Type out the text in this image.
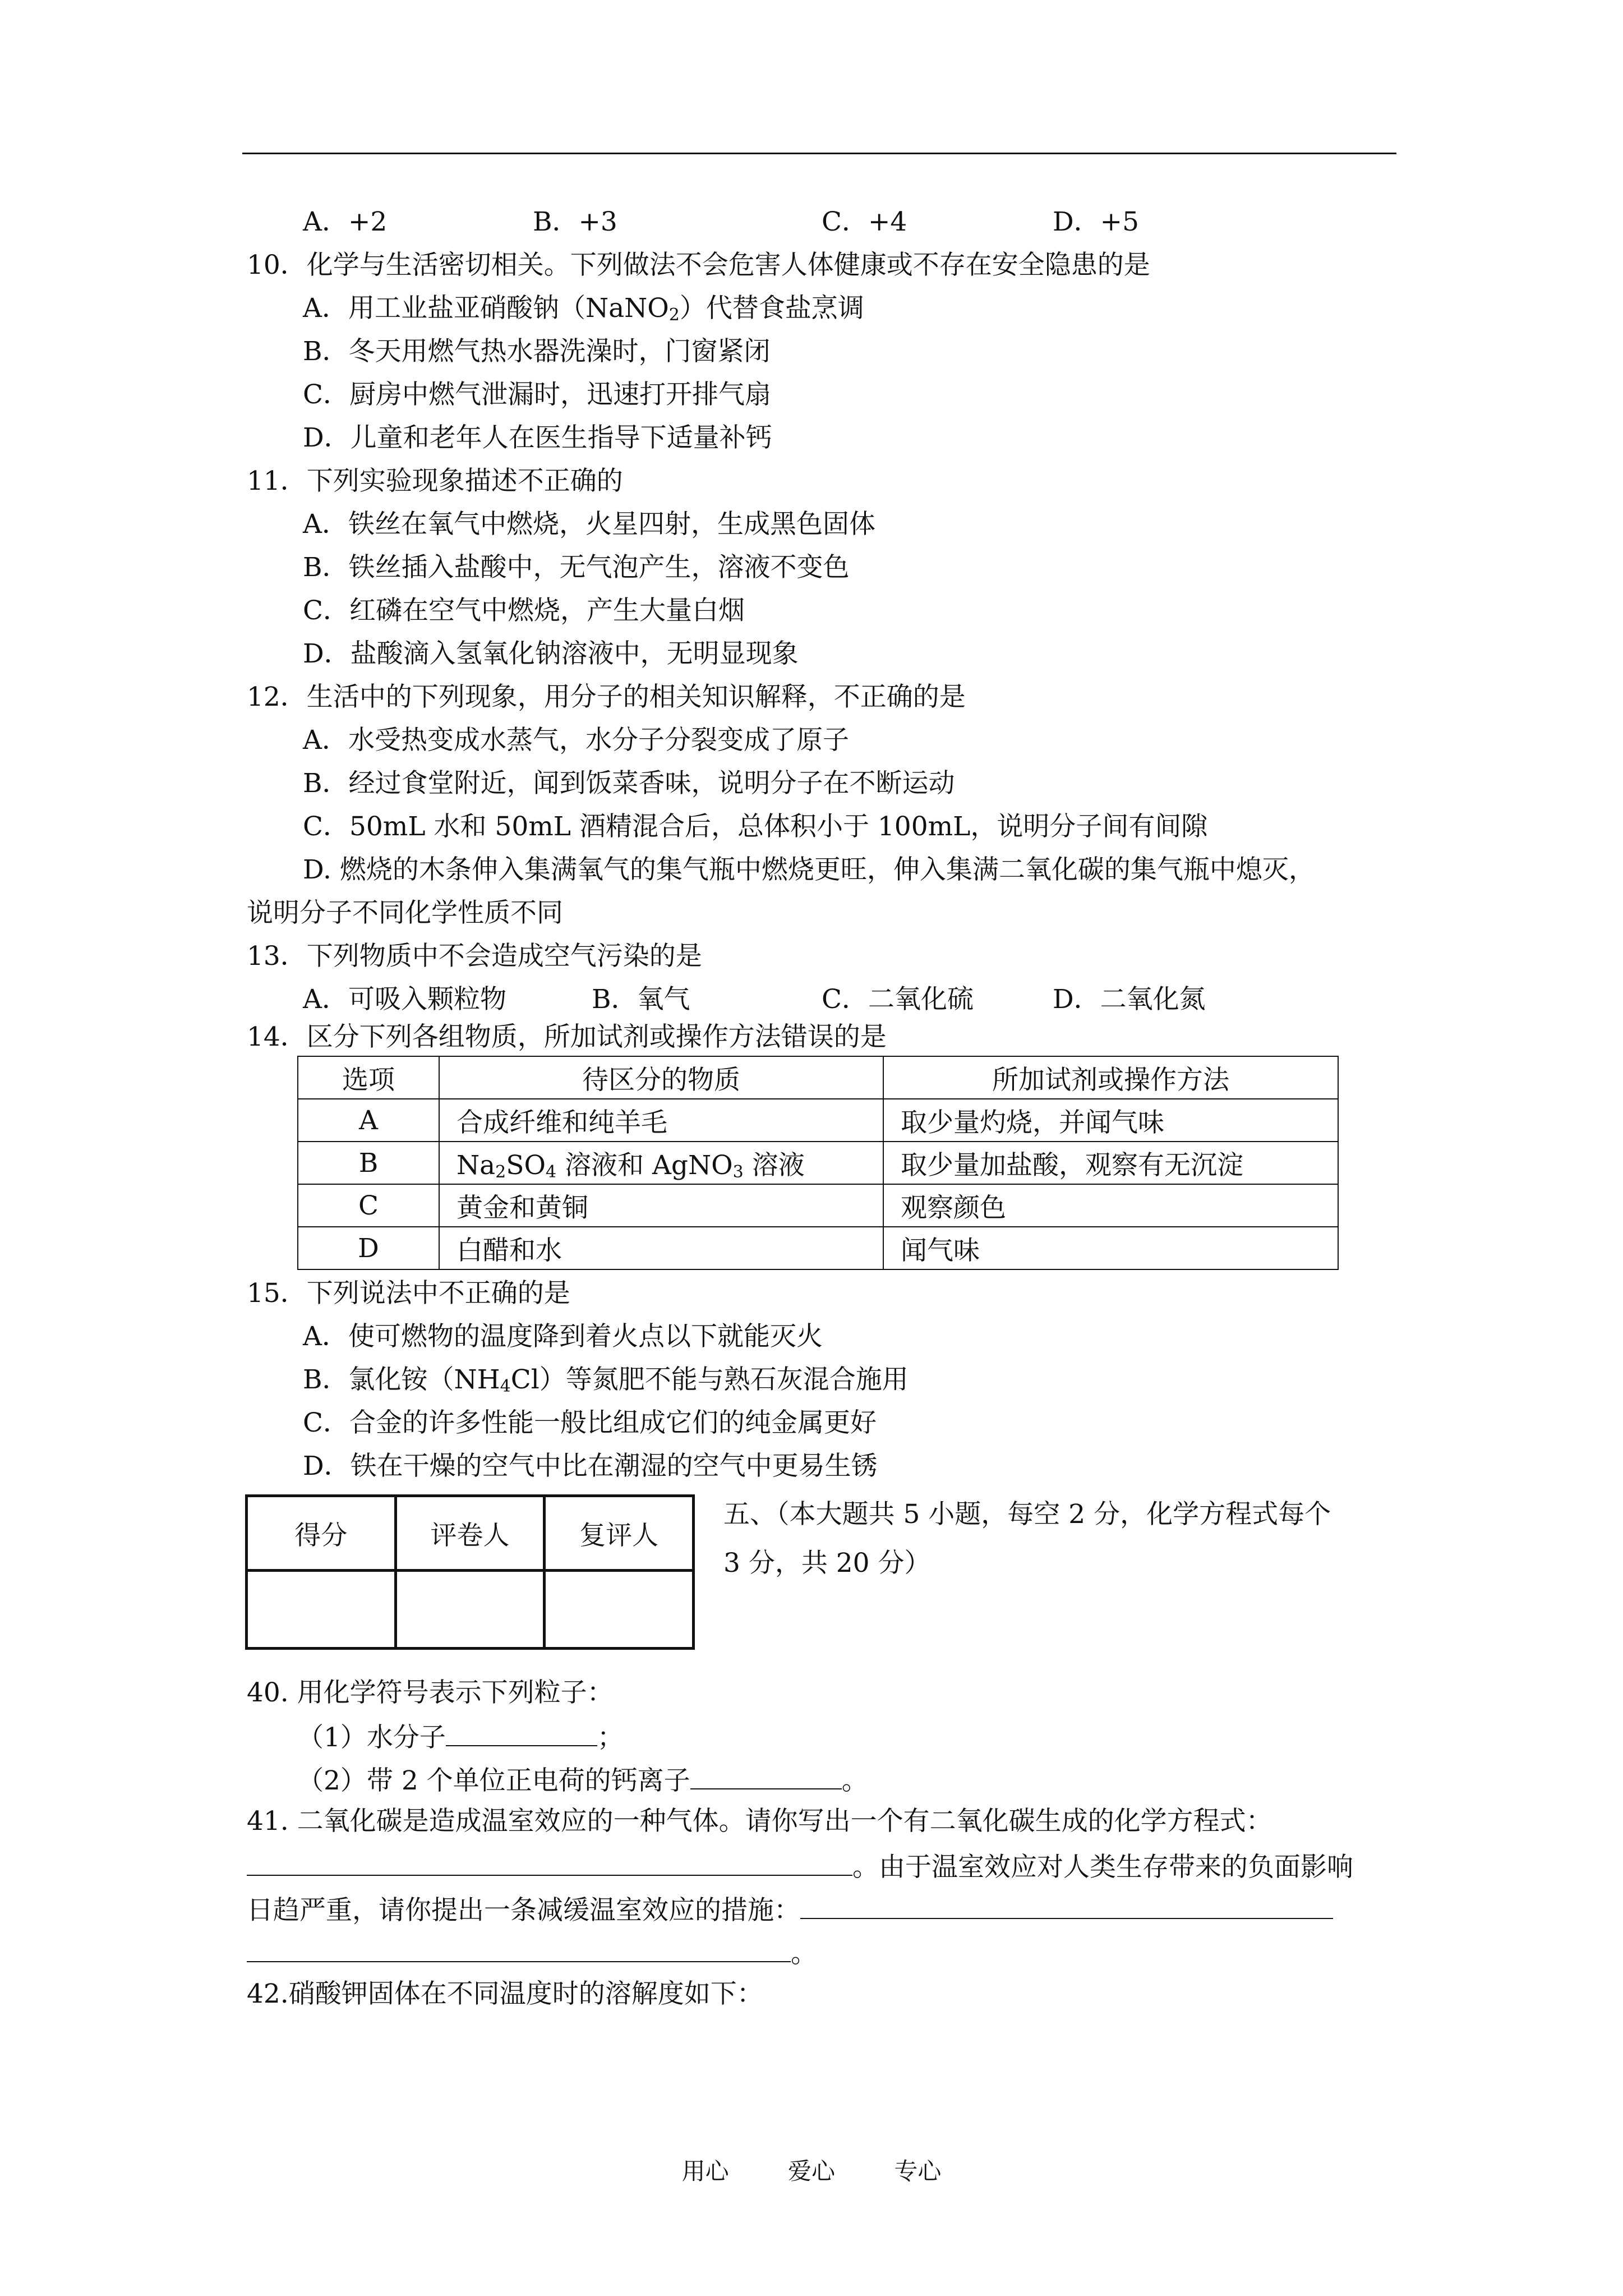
A．+2	B．+3	C．+4	D．+5
10．化学与生活密切相关。下列做法不会危害人体健康或不存在安全隐患的是
A．用工业盐亚硝酸钠（NaNO$_2$）代替食盐烹调
B．冬天用燃气热水器洗澡时，门窗紧闭
C．厨房中燃气泄漏时，迅速打开排气扇
D．儿童和老年人在医生指导下适量补钙
11．下列实验现象描述不正确的
A．铁丝在氧气中燃烧，火星四射，生成黑色固体
B．铁丝插入盐酸中，无气泡产生，溶液不变色
C．红磷在空气中燃烧，产生大量白烟
D．盐酸滴入氢氧化钠溶液中，无明显现象
12．生活中的下列现象，用分子的相关知识解释，不正确的是
A．水受热变成水蒸气，水分子分裂变成了原子
B．经过食堂附近，闻到饭菜香味，说明分子在不断运动
C．50mL 水和 50mL 酒精混合后，总体积小于 100mL，说明分子间有间隙
D. 燃烧的木条伸入集满氧气的集气瓶中燃烧更旺，伸入集满二氧化碳的集气瓶中熄灭，
说明分子不同化学性质不同
13．下列物质中不会造成空气污染的是
A．可吸入颗粒物	B．氧气	C．二氧化硫	D．二氧化氮
14．区分下列各组物质，所加试剂或操作方法错误的是
选项	待区分的物质	所加试剂或操作方法
A	合成纤维和纯羊毛	取少量灼烧，并闻气味
B	$Na_2SO_4$ 溶液和 AgNO$_3$ 溶液	取少量加盐酸，观察有无沉淀
C	黄金和黄铜	观察颜色
D	白醋和水	闻气味
15．下列说法中不正确的是
A．使可燃物的温度降到着火点以下就能灭火
B．氯化铵$(NH_4Cl)$等氮肥不能与熟石灰混合施用
C．合金的许多性能一般比组成它们的纯金属更好
D．铁在干燥的空气中比在潮湿的空气中更易生锈
得分	评卷人	复评人

五、（本大题共 5 小题，每空 2 分，化学方程式每个
3 分，共 20 分）
40. 用化学符号表示下列粒子：
（1）水分子	；
（2）带 2 个单位正电荷的钙离子	。
41. 二氧化碳是造成温室效应的一种气体。请你写出一个有二氧化碳生成的化学方程式：
。由于温室效应对人类生存带来的负面影响
日趋严重，请你提出一条减缓温室效应的措施：
。
42.硝酸钾固体在不同温度时的溶解度如下：
用心	爱心	专心
